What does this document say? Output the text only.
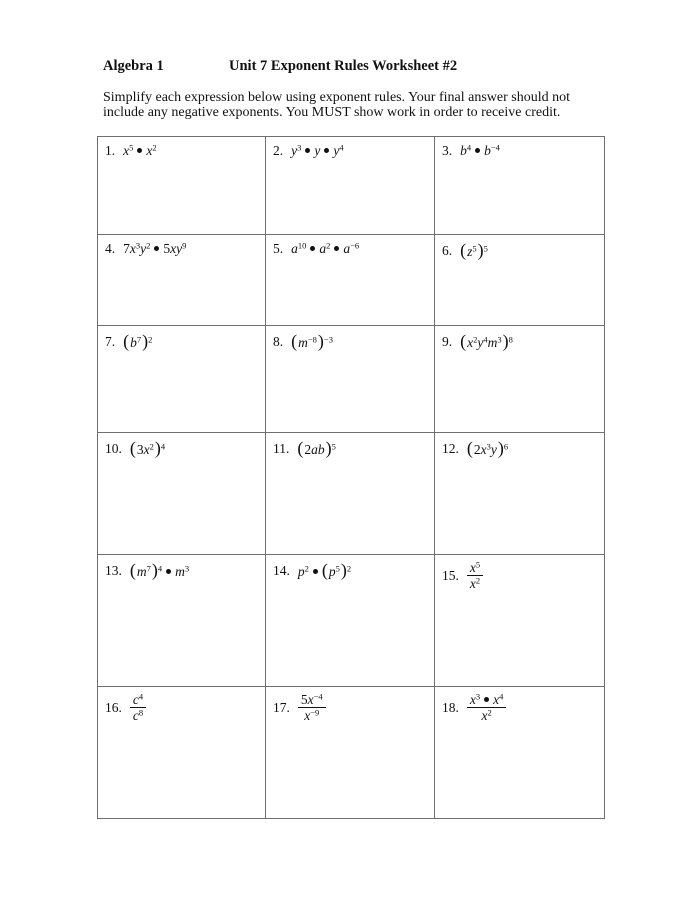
Algebra 1	Unit 7 Exponent Rules Worksheet #2
Simplify each expression below using exponent rules. Your final answer should not
include any negative exponents. You MUST show work in order to receive credit.
1. $x^5$ $x^2$	2. $y^3$ y $y^4$	3. $b^4$ $b^{-4}$

4. $7x^3y^2$ $5xy^9$	5. $a^{10}$ $a^2$ $a^{-6}$	6. $(z^5)^5$

7. $(b^7)^2$	8. $(m^{-8})^{-3}$	9. $(x^2y^4m^3)^8$

10. $(3x^2)^4$	11. $(2ab)^5$	12. $(2x^3y)^6$

13. $(m^7)^4$ $m^3$	14. $p^2$ $(p^5)^2$	15. $\frac{x^5}{x^2}$

16. $\frac{c^4}{c^8}$	17. $\frac{5x^{-4}}{x^{-9}}$	18. $\frac{x^3 x^4}{x^2}$
